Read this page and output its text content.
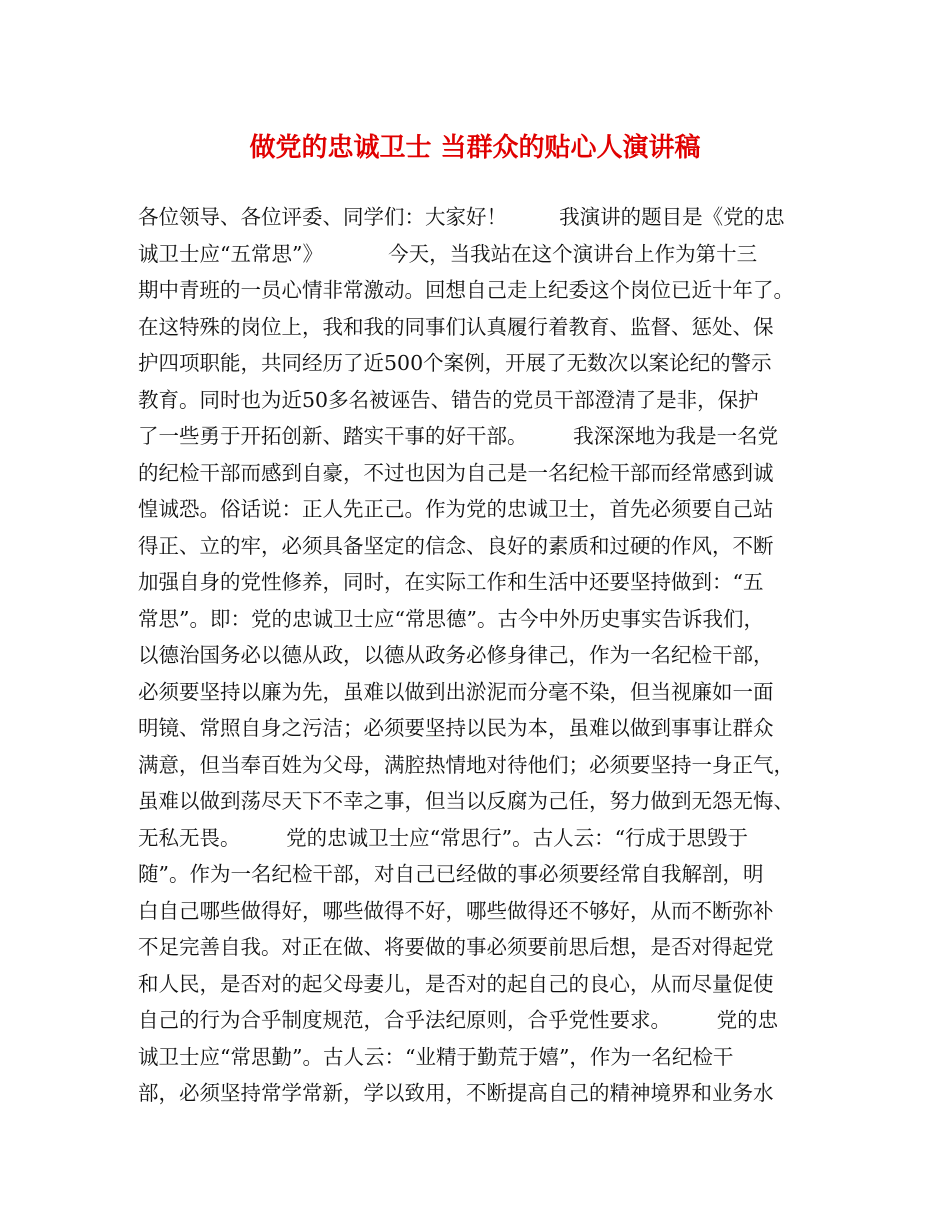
做党的忠诚卫士 当群众的贴心人演讲稿
各位领导、各位评委、同学们：大家好！        我演讲的题目是《党的忠
诚卫士应“五常思”》          今天，当我站在这个演讲台上作为第十三
期中青班的一员心情非常激动。回想自己走上纪委这个岗位已近十年了。
在这特殊的岗位上，我和我的同事们认真履行着教育、监督、惩处、保
护四项职能，共同经历了近500个案例，开展了无数次以案论纪的警示
教育。同时也为近50多名被诬告、错告的党员干部澄清了是非，保护
了一些勇于开拓创新、踏实干事的好干部。       我深深地为我是一名党
的纪检干部而感到自豪，不过也因为自己是一名纪检干部而经常感到诚
惶诚恐。俗话说：正人先正己。作为党的忠诚卫士，首先必须要自己站
得正、立的牢，必须具备坚定的信念、良好的素质和过硬的作风，不断
加强自身的党性修养，同时，在实际工作和生活中还要坚持做到：“五
常思”。即：党的忠诚卫士应“常思德”。古今中外历史事实告诉我们，
以德治国务必以德从政，以德从政务必修身律己，作为一名纪检干部，
必须要坚持以廉为先，虽难以做到出淤泥而分毫不染，但当视廉如一面
明镜、常照自身之污洁；必须要坚持以民为本，虽难以做到事事让群众
满意，但当奉百姓为父母，满腔热情地对待他们；必须要坚持一身正气，
虽难以做到荡尽天下不幸之事，但当以反腐为己任，努力做到无怨无悔、
无私无畏。       党的忠诚卫士应“常思行”。古人云：“行成于思毁于
随”。作为一名纪检干部，对自己已经做的事必须要经常自我解剖，明
白自己哪些做得好，哪些做得不好，哪些做得还不够好，从而不断弥补
不足完善自我。对正在做、将要做的事必须要前思后想，是否对得起党
和人民，是否对的起父母妻儿，是否对的起自己的良心，从而尽量促使
自己的行为合乎制度规范，合乎法纪原则，合乎党性要求。       党的忠
诚卫士应“常思勤”。古人云：“业精于勤荒于嬉”，作为一名纪检干
部，必须坚持常学常新，学以致用，不断提高自己的精神境界和业务水
